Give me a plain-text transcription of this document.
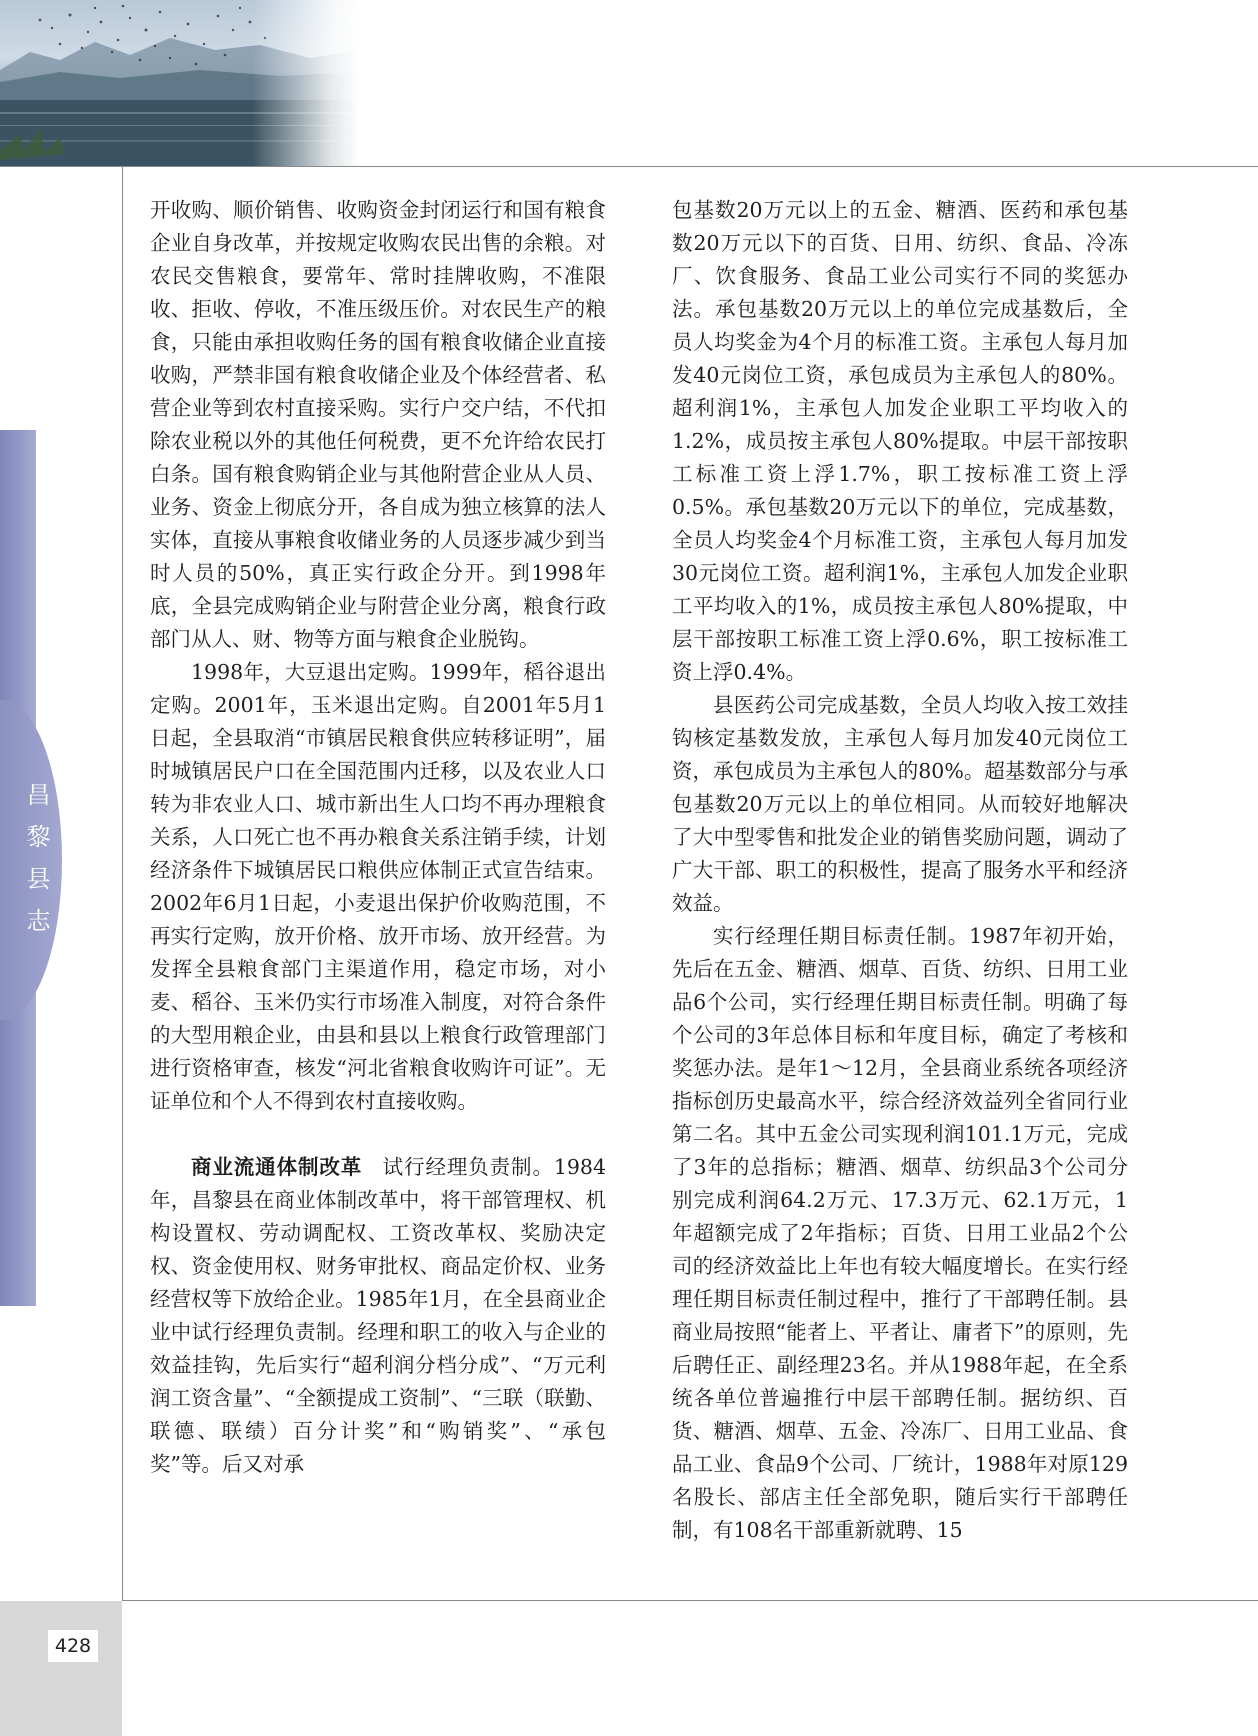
昌黎县志
428

开收购、顺价销售、收购资金封闭运行和国有粮食企业自身改革，并按规定收购农民出售的余粮。对农民交售粮食，要常年、常时挂牌收购，不准限收、拒收、停收，不准压级压价。对农民生产的粮食，只能由承担收购任务的国有粮食收储企业直接收购，严禁非国有粮食收储企业及个体经营者、私营企业等到农村直接采购。实行户交户结，不代扣除农业税以外的其他任何税费，更不允许给农民打白条。国有粮食购销企业与其他附营企业从人员、业务、资金上彻底分开，各自成为独立核算的法人实体，直接从事粮食收储业务的人员逐步减少到当时人员的50%，真正实行政企分开。到1998年底，全县完成购销企业与附营企业分离，粮食行政部门从人、财、物等方面与粮食企业脱钩。

1998年，大豆退出定购。1999年，稻谷退出定购。2001年，玉米退出定购。自2001年5月1日起，全县取消“市镇居民粮食供应转移证明”，届时城镇居民户口在全国范围内迁移，以及农业人口转为非农业人口、城市新出生人口均不再办理粮食关系，人口死亡也不再办粮食关系注销手续，计划经济条件下城镇居民口粮供应体制正式宣告结束。2002年6月1日起，小麦退出保护价收购范围，不再实行定购，放开价格、放开市场、放开经营。为发挥全县粮食部门主渠道作用，稳定市场，对小麦、稻谷、玉米仍实行市场准入制度，对符合条件的大型用粮企业，由县和县以上粮食行政管理部门进行资格审查，核发“河北省粮食收购许可证”。无证单位和个人不得到农村直接收购。

商业流通体制改革 试行经理负责制。1984年，昌黎县在商业体制改革中，将干部管理权、机构设置权、劳动调配权、工资改革权、奖励决定权、资金使用权、财务审批权、商品定价权、业务经营权等下放给企业。1985年1月，在全县商业企业中试行经理负责制。经理和职工的收入与企业的效益挂钩，先后实行“超利润分档分成”、“万元利润工资含量”、“全额提成工资制”、“三联（联勤、联德、联绩）百分计奖”和“购销奖”、“承包奖”等。后又对承

包基数20万元以上的五金、糖酒、医药和承包基数20万元以下的百货、日用、纺织、食品、冷冻厂、饮食服务、食品工业公司实行不同的奖惩办法。承包基数20万元以上的单位完成基数后，全员人均奖金为4个月的标准工资。主承包人每月加发40元岗位工资，承包成员为主承包人的80%。超利润1%，主承包人加发企业职工平均收入的1.2%，成员按主承包人80%提取。中层干部按职工标准工资上浮1.7%，职工按标准工资上浮0.5%。承包基数20万元以下的单位，完成基数，全员人均奖金4个月标准工资，主承包人每月加发30元岗位工资。超利润1%，主承包人加发企业职工平均收入的1%，成员按主承包人80%提取，中层干部按职工标准工资上浮0.6%，职工按标准工资上浮0.4%。

县医药公司完成基数，全员人均收入按工效挂钩核定基数发放，主承包人每月加发40元岗位工资，承包成员为主承包人的80%。超基数部分与承包基数20万元以上的单位相同。从而较好地解决了大中型零售和批发企业的销售奖励问题，调动了广大干部、职工的积极性，提高了服务水平和经济效益。

实行经理任期目标责任制。1987年初开始，先后在五金、糖酒、烟草、百货、纺织、日用工业品6个公司，实行经理任期目标责任制。明确了每个公司的3年总体目标和年度目标，确定了考核和奖惩办法。是年1～12月，全县商业系统各项经济指标创历史最高水平，综合经济效益列全省同行业第二名。其中五金公司实现利润101.1万元，完成了3年的总指标；糖酒、烟草、纺织品3个公司分别完成利润64.2万元、17.3万元、62.1万元，1年超额完成了2年指标；百货、日用工业品2个公司的经济效益比上年也有较大幅度增长。在实行经理任期目标责任制过程中，推行了干部聘任制。县商业局按照“能者上、平者让、庸者下”的原则，先后聘任正、副经理23名。并从1988年起，在全系统各单位普遍推行中层干部聘任制。据纺织、百货、糖酒、烟草、五金、冷冻厂、日用工业品、食品工业、食品9个公司、厂统计，1988年对原129名股长、部店主任全部免职，随后实行干部聘任制，有108名干部重新就聘、15
